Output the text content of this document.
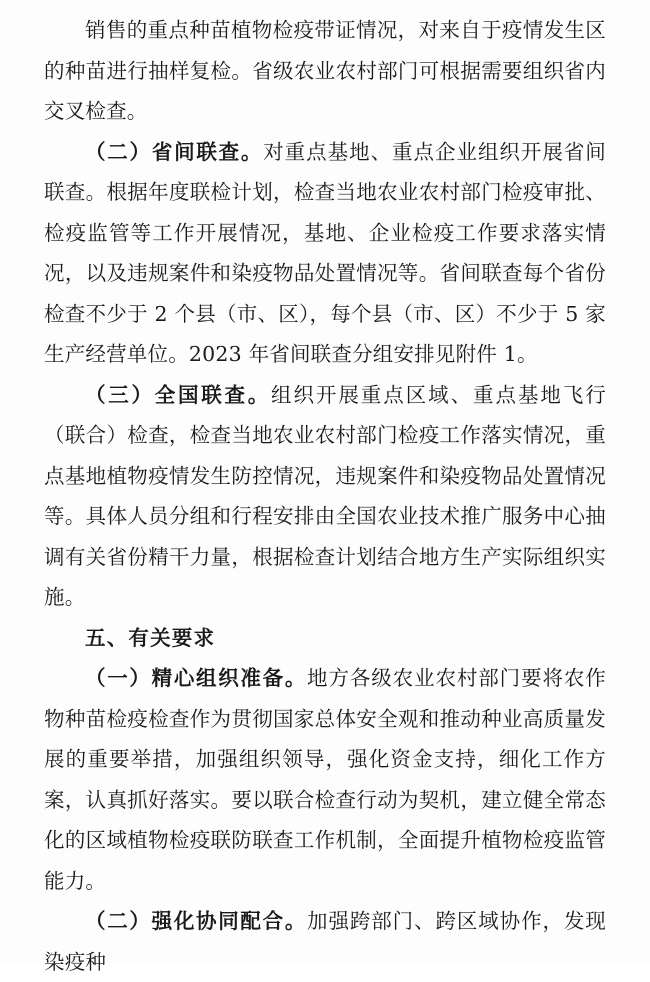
销售的重点种苗植物检疫带证情况，对来自于疫情发生区的种苗进行抽样复检。省级农业农村部门可根据需要组织省内交叉检查。

（二）省间联查。对重点基地、重点企业组织开展省间联查。根据年度联检计划，检查当地农业农村部门检疫审批、检疫监管等工作开展情况，基地、企业检疫工作要求落实情况，以及违规案件和染疫物品处置情况等。省间联查每个省份检查不少于 2 个县（市、区），每个县（市、区）不少于 5 家生产经营单位。2023 年省间联查分组安排见附件 1。

（三）全国联查。组织开展重点区域、重点基地飞行（联合）检查，检查当地农业农村部门检疫工作落实情况，重点基地植物疫情发生防控情况，违规案件和染疫物品处置情况等。具体人员分组和行程安排由全国农业技术推广服务中心抽调有关省份精干力量，根据检查计划结合地方生产实际组织实施。

五、有关要求

（一）精心组织准备。地方各级农业农村部门要将农作物种苗检疫检查作为贯彻国家总体安全观和推动种业高质量发展的重要举措，加强组织领导，强化资金支持，细化工作方案，认真抓好落实。要以联合检查行动为契机，建立健全常态化的区域植物检疫联防联查工作机制，全面提升植物检疫监管能力。

（二）强化协同配合。加强跨部门、跨区域协作，发现染疫种
